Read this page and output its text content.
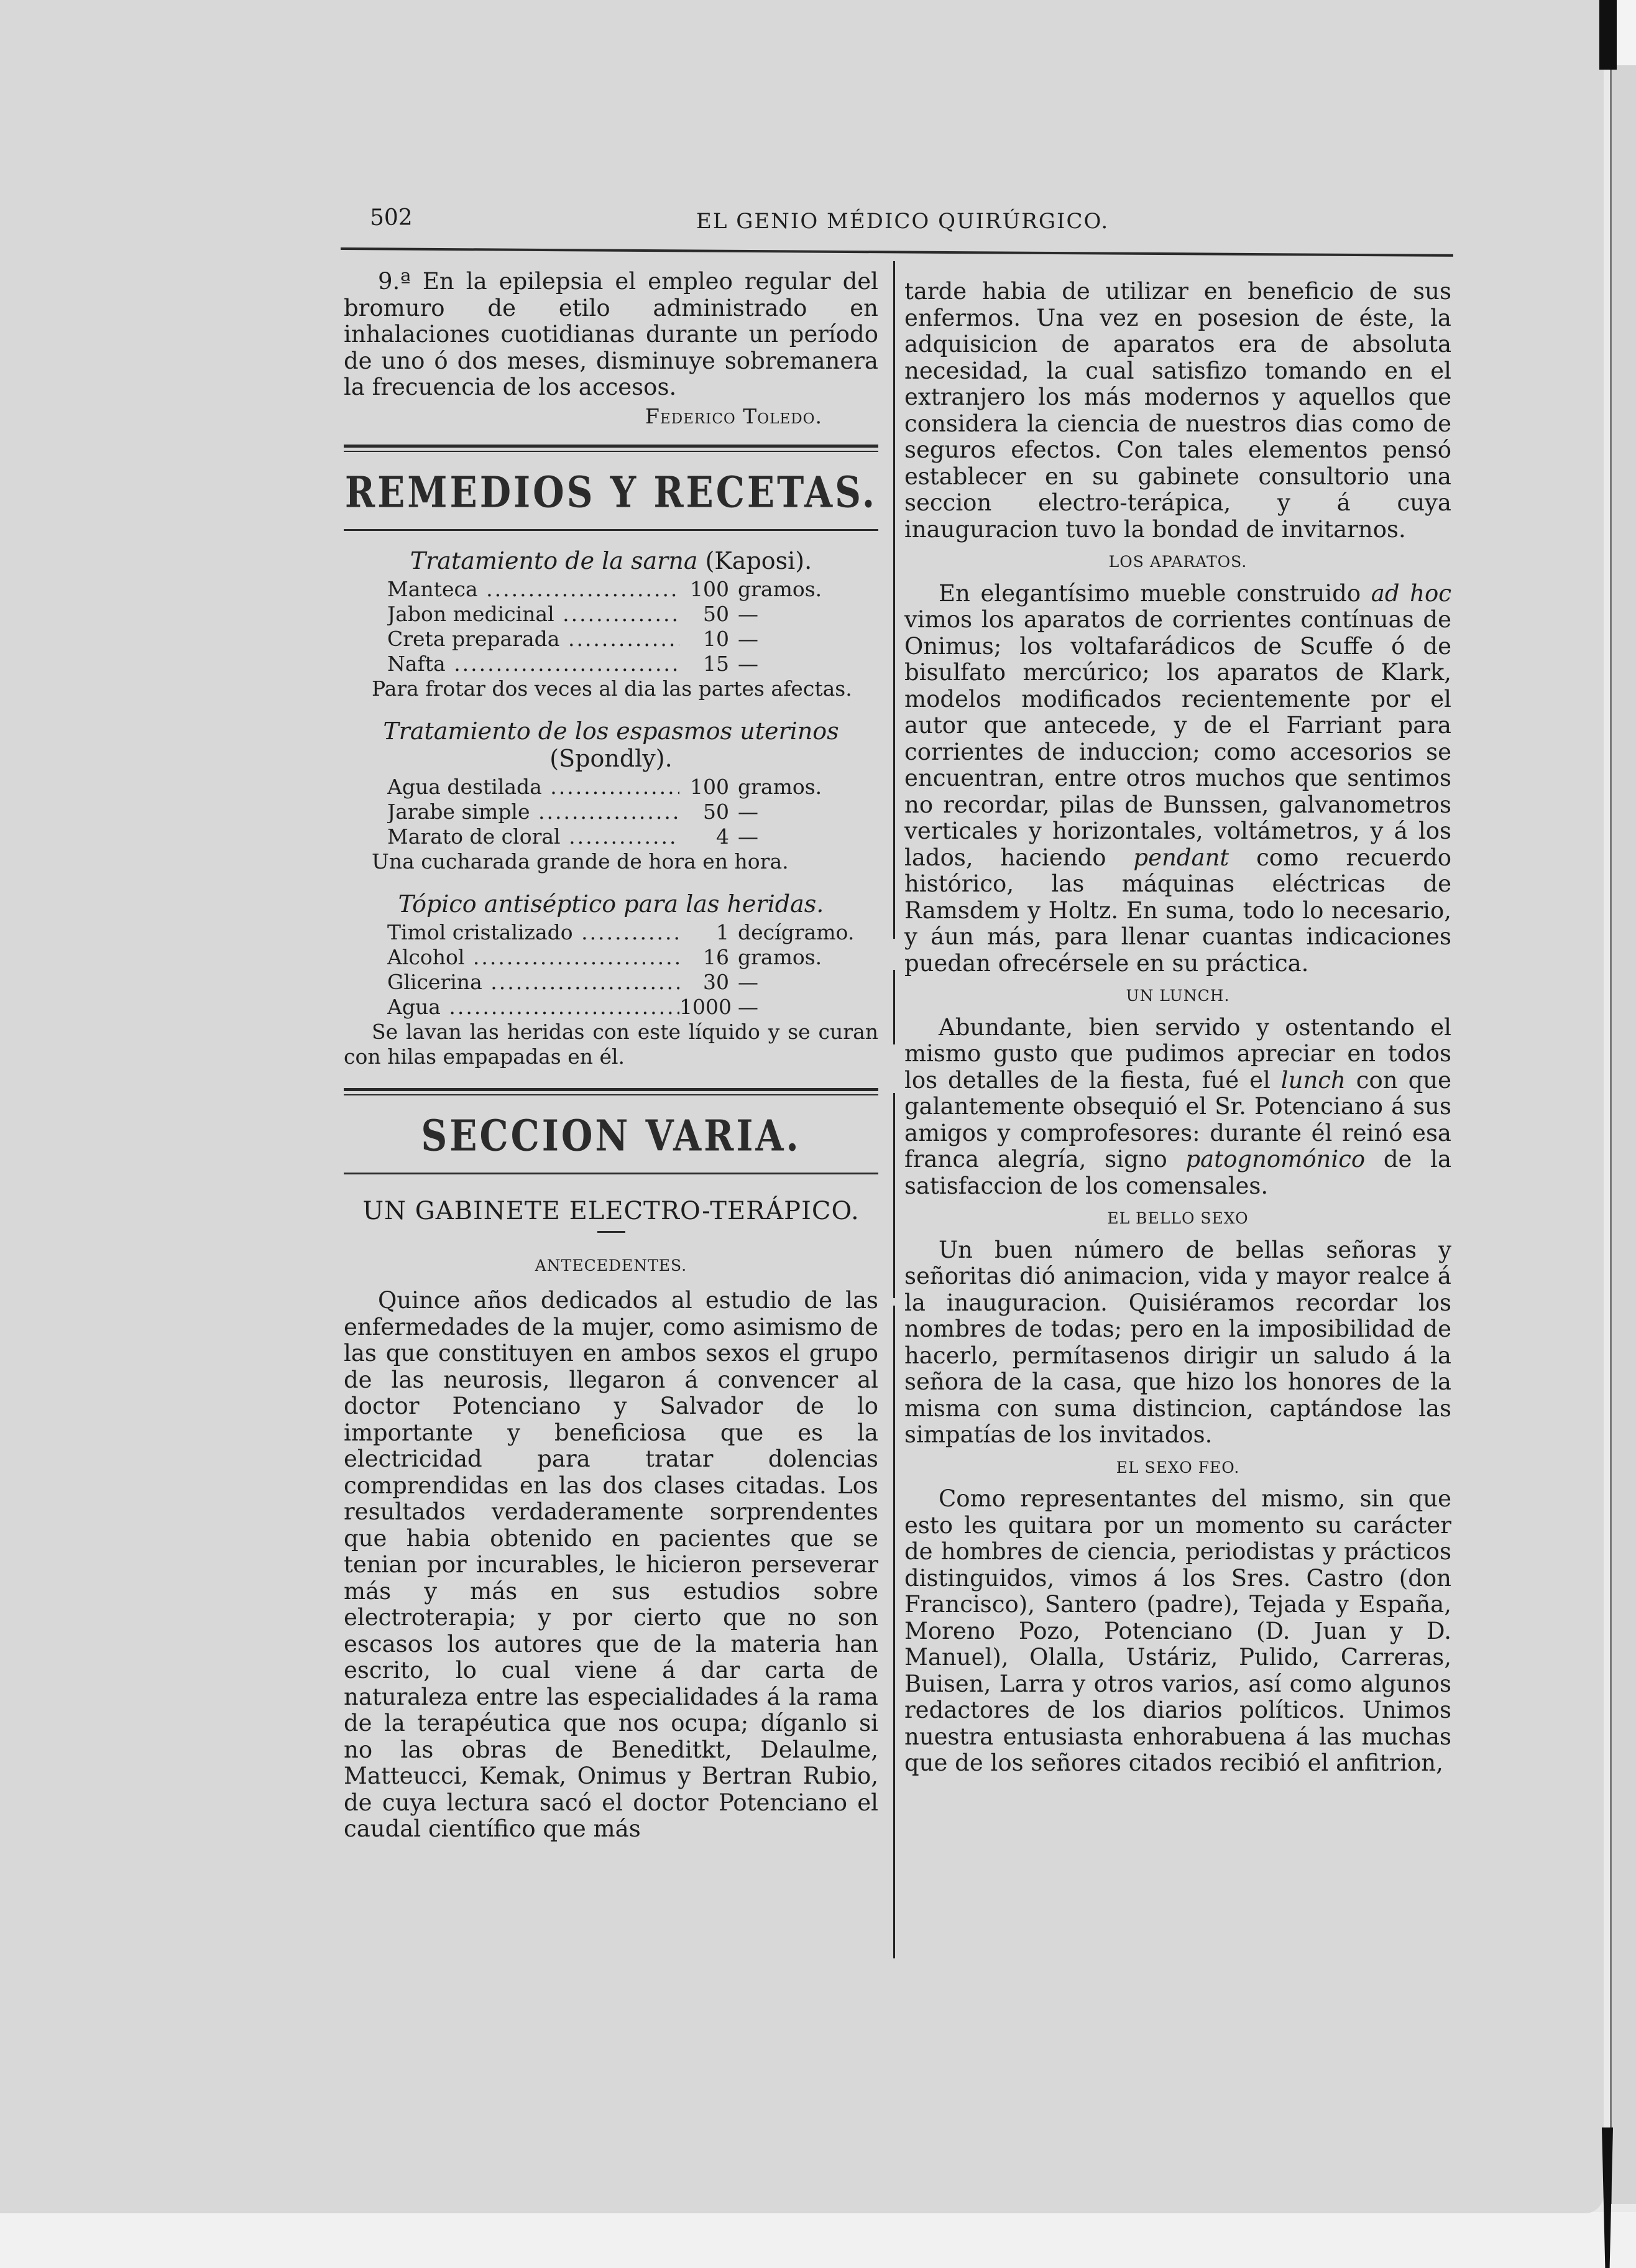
502	EL GENIO MÉDICO QUIRÚRGICO.

9.ª En la epilepsia el empleo regular del bromuro de etilo administrado en inhalaciones cuotidianas durante un período de uno ó dos meses, disminuye sobremanera la frecuencia de los accesos.

Federico Toledo.

REMEDIOS Y RECETAS.
Tratamiento de la sarna (Kaposi).
Manteca .....	100 gramos.
Jabon medicinal .....	50 —
Creta preparada .....	10 —
Nafta .....	15 —

Para frotar dos veces al dia las partes afectas.

Tratamiento de los espasmos uterinos (Spondly).
Agua destilada .....	100 gramos.
Jarabe simple .....	50 —
Marato de cloral .....	4 —

Una cucharada grande de hora en hora.

Tópico antiséptico para las heridas.
Timol cristalizado .....	1 decígramo.
Alcohol .....	16 gramos.
Glicerina .....	30 —
Agua .....	1000 —

Se lavan las heridas con este líquido y se curan con hilas empapadas en él.

SECCION VARIA.
UN GABINETE ELECTRO-TERÁPICO.
ANTECEDENTES.

Quince años dedicados al estudio de las enfermedades de la mujer, como asimismo de las que constituyen en ambos sexos el grupo de las neurosis, llegaron á convencer al doctor Potenciano y Salvador de lo importante y beneficiosa que es la electricidad para tratar dolencias comprendidas en las dos clases citadas. Los resultados verdaderamente sorprendentes que habia obtenido en pacientes que se tenian por incurables, le hicieron perseverar más y más en sus estudios sobre electroterapia; y por cierto que no son escasos los autores que de la materia han escrito, lo cual viene á dar carta de naturaleza entre las especialidades á la rama de la terapéutica que nos ocupa; díganlo si no las obras de Beneditkt, Delaulme, Matteucci, Kemak, Onimus y Bertran Rubio, de cuya lectura sacó el doctor Potenciano el caudal científico que más

tarde habia de utilizar en beneficio de sus enfermos. Una vez en posesion de éste, la adquisicion de aparatos era de absoluta necesidad, la cual satisfizo tomando en el extranjero los más modernos y aquellos que considera la ciencia de nuestros dias como de seguros efectos. Con tales elementos pensó establecer en su gabinete consultorio una seccion electro-terápica, y á cuya inauguracion tuvo la bondad de invitarnos.

LOS APARATOS.

En elegantísimo mueble construido ad hoc vimos los aparatos de corrientes contínuas de Onimus; los voltafarádicos de Scuffe ó de bisulfato mercúrico; los aparatos de Klark, modelos modificados recientemente por el autor que antecede, y de el Farriant para corrientes de induccion; como accesorios se encuentran, entre otros muchos que sentimos no recordar, pilas de Bunssen, galvanometros verticales y horizontales, voltámetros, y á los lados, haciendo pendant como recuerdo histórico, las máquinas eléctricas de Ramsdem y Holtz. En suma, todo lo necesario, y áun más, para llenar cuantas indicaciones puedan ofrecérsele en su práctica.

UN LUNCH.

Abundante, bien servido y ostentando el mismo gusto que pudimos apreciar en todos los detalles de la fiesta, fué el lunch con que galantemente obsequió el Sr. Potenciano á sus amigos y comprofesores: durante él reinó esa franca alegría, signo patognomónico de la satisfaccion de los comensales.

EL BELLO SEXO

Un buen número de bellas señoras y señoritas dió animacion, vida y mayor realce á la inauguracion. Quisiéramos recordar los nombres de todas; pero en la imposibilidad de hacerlo, permítasenos dirigir un saludo á la señora de la casa, que hizo los honores de la misma con suma distincion, captándose las simpatías de los invitados.

EL SEXO FEO.

Como representantes del mismo, sin que esto les quitara por un momento su carácter de hombres de ciencia, periodistas y prácticos distinguidos, vimos á los Sres. Castro (don Francisco), Santero (padre), Tejada y España, Moreno Pozo, Potenciano (D. Juan y D. Manuel), Olalla, Ustáriz, Pulido, Carreras, Buisen, Larra y otros varios, así como algunos redactores de los diarios políticos. Unimos nuestra entusiasta enhorabuena á las muchas que de los señores citados recibió el anfitrion,
